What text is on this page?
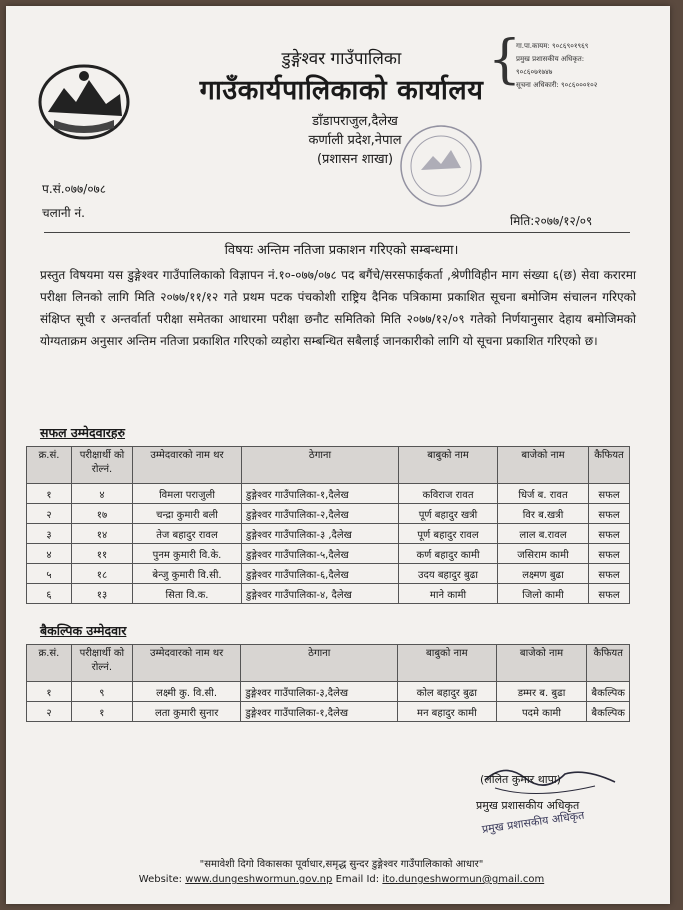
डुङ्गेश्वर गाउँपालिका
गाउँकार्यपालिकाको कार्यालय
डाँडापराजुल,दैलेख
कर्णाली प्रदेश,नेपाल
(प्रशासन शाखा)
{
गा.पा.कायम: ९०८६९०१९६९
प्रमुख प्रशासकीय अधिकृत:
९०८६०७१७४७
सूचना अधिकारी: ९०८६०००१०२
प.सं.०७७/०७८
चलानी नं.
मिति:२०७७/१२/०९
विषयः अन्तिम नतिजा प्रकाशन गरिएको सम्बन्धमा।
प्रस्तुत विषयमा यस डुङ्गेश्वर गाउँपालिकाको विज्ञापन नं.१०-०७७/०७८ पद बगैंचे/सरसफाईकर्ता ,श्रेणीविहीन माग संख्या ६(छ) सेवा करारमा परीक्षा लिनको लागि मिति २०७७/११/१२ गते प्रथम पटक पंचकोशी राष्ट्रिय दैनिक पत्रिकामा प्रकाशित सूचना बमोजिम संचालन गरिएको संक्षिप्त सूची र अन्तर्वार्ता परीक्षा समेतका आधारमा परीक्षा छनौट समितिको मिति २०७७/१२/०९ गतेको निर्णयानुसार देहाय बमोजिमको योग्यताक्रम अनुसार अन्तिम नतिजा प्रकाशित गरिएको व्यहोरा सम्बन्धित सबैलाई जानकारीको लागि यो सूचना प्रकाशित गरिएको छ।
सफल उम्मेदवारहरु
क्र.सं.	परीक्षार्थी को रोल्नं.	उम्मेदवारको नाम थर	ठेगाना	बाबुको नाम	बाजेको नाम	कैफियत
१	४	विमला पराजुली	डुङ्गेश्वर गाउँपालिका-१,दैलेख	कविराज रावत	धिर्ज ब. रावत	सफल
२	१७	चन्द्रा कुमारी बली	डुङ्गेश्वर गाउँपालिका-२,दैलेख	पूर्ण बहादुर खत्री	विर ब.खत्री	सफल
३	१४	तेज बहादुर रावल	डुङ्गेश्वर गाउँपालिका-३ ,दैलेख	पूर्ण बहादुर रावल	लाल ब.रावल	सफल
४	११	पुनम कुमारी वि.के.	डुङ्गेश्वर गाउँपालिका-५,दैलेख	कर्ण बहादुर कामी	जसिराम कामी	सफल
५	१८	बेन्जु कुमारी वि.सी.	डुङ्गेश्वर गाउँपालिका-६,दैलेख	उदय बहादुर बुढा	लक्ष्मण बुढा	सफल
६	१३	सिता वि.क.	डुङ्गेश्वर गाउँपालिका-४, दैलेख	माने कामी	जिलो कामी	सफल
बैकल्पिक उम्मेदवार
क्र.सं.	परीक्षार्थी को रोल्नं.	उम्मेदवारको नाम थर	ठेगाना	बाबुको नाम	बाजेको नाम	कैफियत
१	९	लक्ष्मी कु. वि.सी.	डुङ्गेश्वर गाउँपालिका-३,दैलेख	कोल बहादुर बुढा	डम्मर ब. बुढा	बैकल्पिक
२	१	लता कुमारी सुनार	डुङ्गेश्वर गाउँपालिका-१,दैलेख	मन बहादुर कामी	पदमे कामी	बैकल्पिक
(ललित कुमार थापा)
प्रमुख प्रशासकीय अधिकृत
प्रमुख प्रशासकीय अधिकृत
"समावेशी दिगो विकासका पूर्वाधार,समृद्ध सुन्दर डुङ्गेश्वर गाउँपालिकाको आधार"
Website: www.dungeshwormun.gov.np Email Id: ito.dungeshwormun@gmail.com
